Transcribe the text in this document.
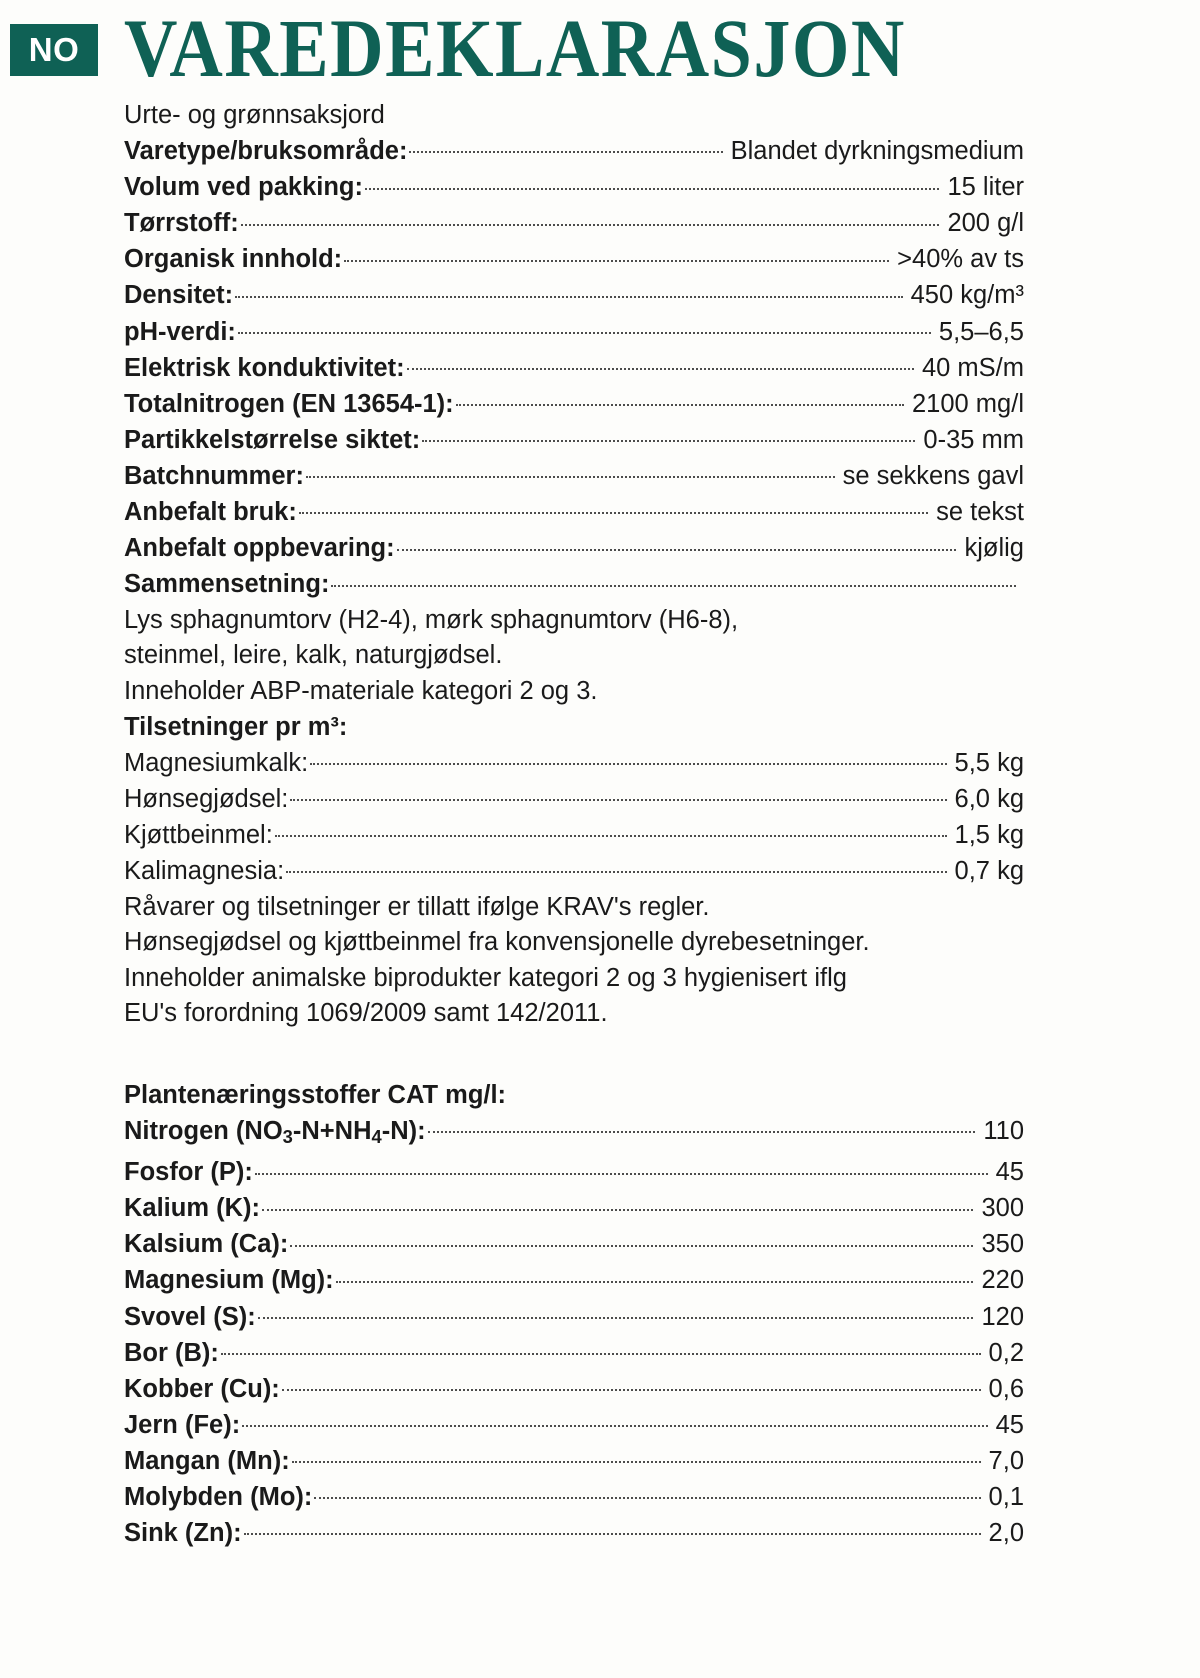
NO VAREDEKLARASJON
Urte- og grønnsaksjord
Varetype/bruksområde:	Blandet dyrkningsmedium
Volum ved pakking:	15 liter
Tørrstoff:	200 g/l
Organisk innhold:	>40% av ts
Densitet:	450 kg/m³
pH-verdi:	5,5–6,5
Elektrisk konduktivitet:	40 mS/m
Totalnitrogen (EN 13654-1):	2100 mg/l
Partikkelstørrelse siktet:	0-35 mm
Batchnummer:	se sekkens gavl
Anbefalt bruk:	se tekst
Anbefalt oppbevaring:	kjølig
Sammensetning:
Lys sphagnumtorv (H2-4), mørk sphagnumtorv (H6-8),
steinmel, leire, kalk, naturgjødsel.
Inneholder ABP-materiale kategori 2 og 3.
Tilsetninger pr m³:
Magnesiumkalk:	5,5 kg
Hønsegjødsel:	6,0 kg
Kjøttbeinmel:	1,5 kg
Kalimagnesia:	0,7 kg
Råvarer og tilsetninger er tillatt ifølge KRAV's regler.
Hønsegjødsel og kjøttbeinmel fra konvensjonelle dyrebesetninger.
Inneholder animalske biprodukter kategori 2 og 3 hygienisert iflg
EU's forordning 1069/2009 samt 142/2011.
Plantenæringsstoffer CAT mg/l:
Nitrogen $(NO_3-N+NH_4-N)$:	110
Fosfor (P):	45
Kalium (K):	300
Kalsium (Ca):	350
Magnesium (Mg):	220
Svovel (S):	120
Bor (B):	0,2
Kobber (Cu):	0,6
Jern (Fe):	45
Mangan (Mn):	7,0
Molybden (Mo):	0,1
Sink (Zn):	2,0
